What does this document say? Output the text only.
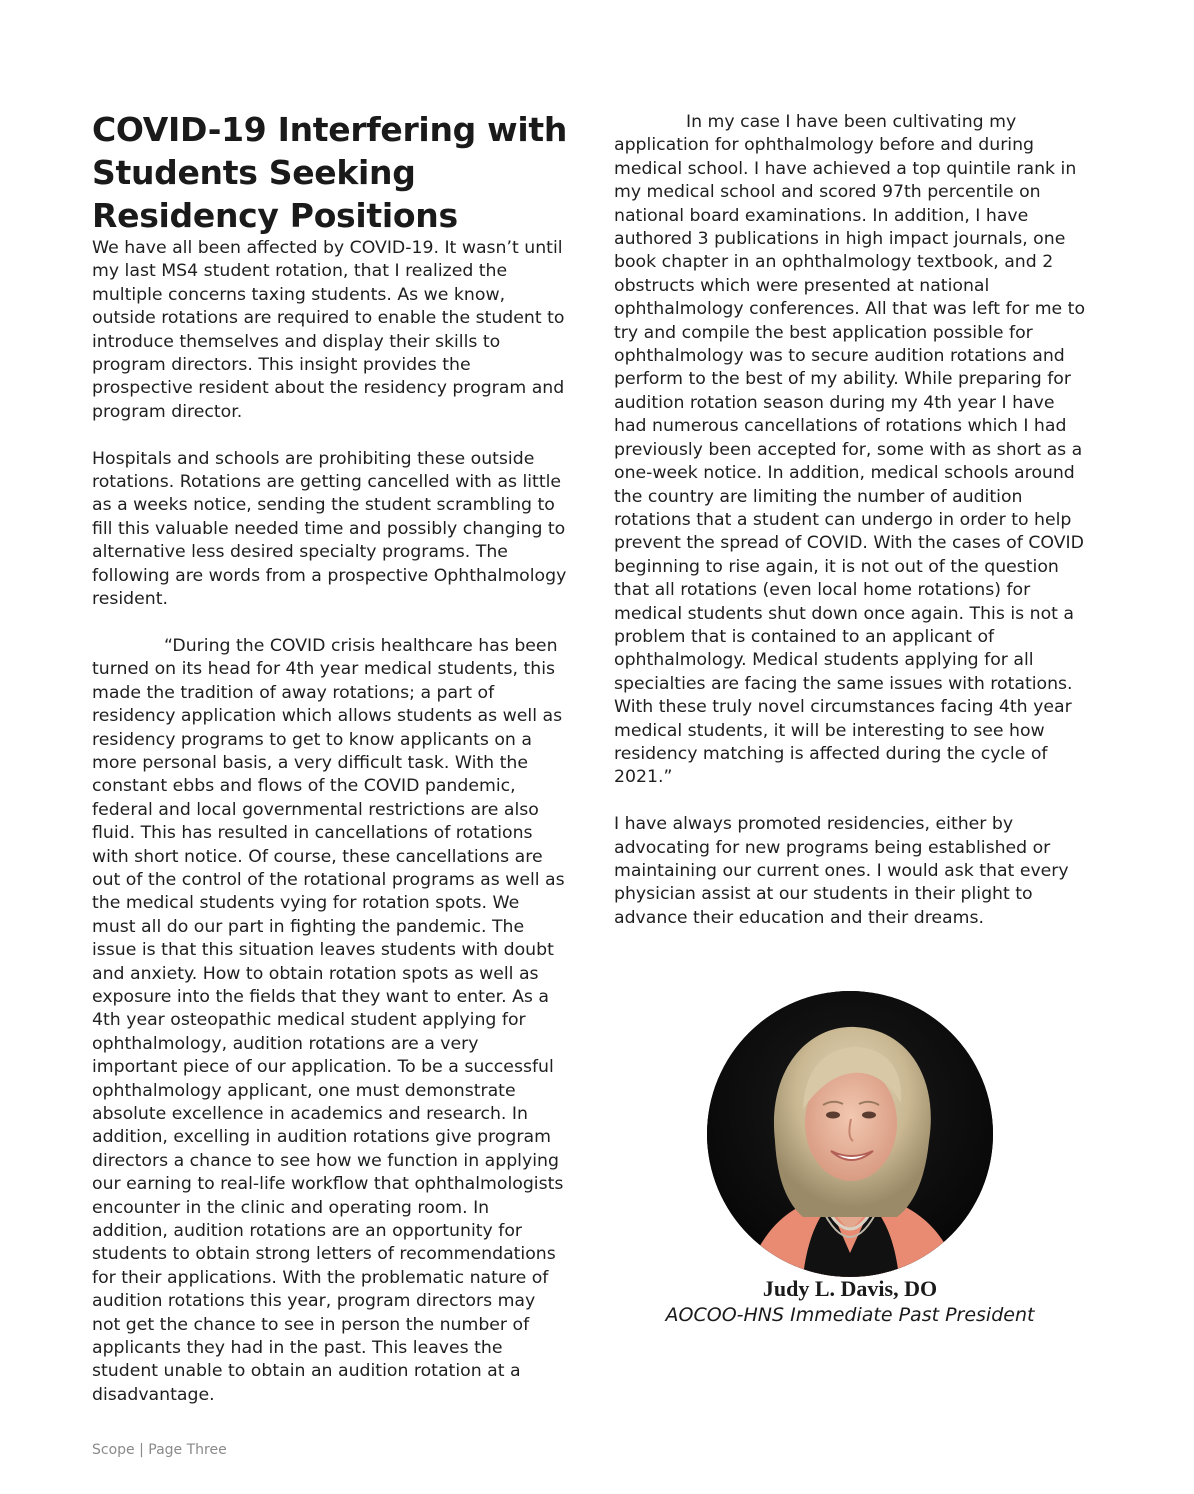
COVID-19 Interfering with Students Seeking Residency Positions

We have all been affected by COVID-19. It wasn’t until my last MS4 student rotation, that I realized the multiple concerns taxing students. As we know, outside rotations are required to enable the student to introduce themselves and display their skills to program directors. This insight provides the prospective resident about the residency program and program director.

Hospitals and schools are prohibiting these outside rotations. Rotations are getting cancelled with as little as a weeks notice, sending the student scrambling to fill this valuable needed time and possibly changing to alternative less desired specialty programs. The following are words from a prospective Ophthalmology resident.

“During the COVID crisis healthcare has been turned on its head for 4th year medical students, this made the tradition of away rotations; a part of residency application which allows students as well as residency programs to get to know applicants on a more personal basis, a very difficult task. With the constant ebbs and flows of the COVID pandemic, federal and local governmental restrictions are also fluid. This has resulted in cancellations of rotations with short notice. Of course, these cancellations are out of the control of the rotational programs as well as the medical students vying for rotation spots. We must all do our part in fighting the pandemic. The issue is that this situation leaves students with doubt and anxiety. How to obtain rotation spots as well as exposure into the fields that they want to enter. As a 4th year osteopathic medical student applying for ophthalmology, audition rotations are a very important piece of our application. To be a successful ophthalmology applicant, one must demonstrate absolute excellence in academics and research. In addition, excelling in audition rotations give program directors a chance to see how we function in applying our earning to real-life workflow that ophthalmologists encounter in the clinic and operating room. In addition, audition rotations are an opportunity for students to obtain strong letters of recommendations for their applications. With the problematic nature of audition rotations this year, program directors may not get the chance to see in person the number of applicants they had in the past. This leaves the student unable to obtain an audition rotation at a disadvantage.

In my case I have been cultivating my application for ophthalmology before and during medical school. I have achieved a top quintile rank in my medical school and scored 97th percentile on national board examinations. In addition, I have authored 3 publications in high impact journals, one book chapter in an ophthalmology textbook, and 2 obstructs which were presented at national ophthalmology conferences. All that was left for me to try and compile the best application possible for ophthalmology was to secure audition rotations and perform to the best of my ability. While preparing for audition rotation season during my 4th year I have had numerous cancellations of rotations which I had previously been accepted for, some with as short as a one-week notice. In addition, medical schools around the country are limiting the number of audition rotations that a student can undergo in order to help prevent the spread of COVID. With the cases of COVID beginning to rise again, it is not out of the question that all rotations (even local home rotations) for medical students shut down once again. This is not a problem that is contained to an applicant of ophthalmology. Medical students applying for all specialties are facing the same issues with rotations. With these truly novel circumstances facing 4th year medical students, it will be interesting to see how residency matching is affected during the cycle of 2021.”

I have always promoted residencies, either by advocating for new programs being established or maintaining our current ones. I would ask that every physician assist at our students in their plight to advance their education and their dreams.

Judy L. Davis, DO
AOCOO-HNS Immediate Past President
Scope | Page Three
